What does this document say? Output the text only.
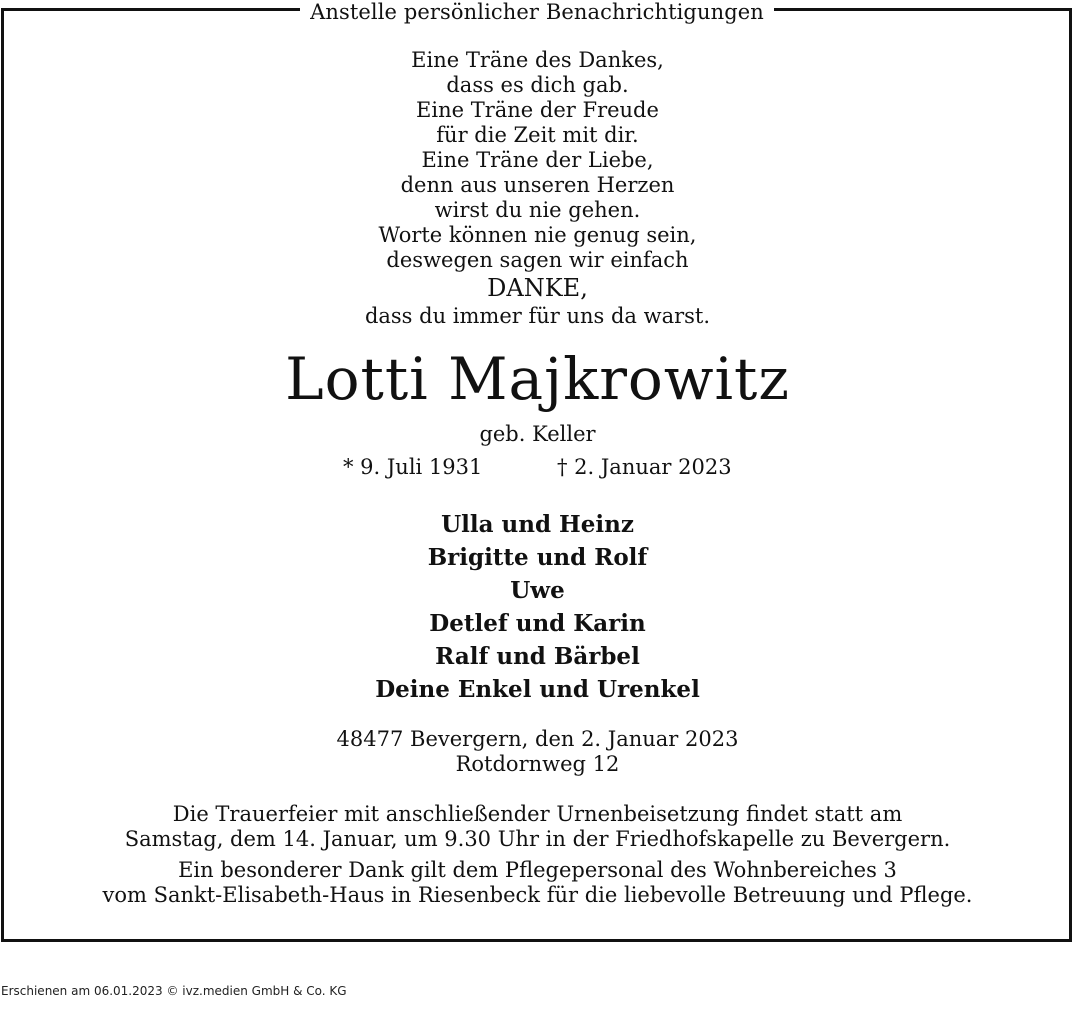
Anstelle persönlicher Benachrichtigungen
Eine Träne des Dankes,
dass es dich gab.
Eine Träne der Freude
für die Zeit mit dir.
Eine Träne der Liebe,
denn aus unseren Herzen
wirst du nie gehen.
Worte können nie genug sein,
deswegen sagen wir einfach
DANKE,
dass du immer für uns da warst.
Lotti Majkrowitz
geb. Keller
* 9. Juli 1931	† 2. Januar 2023
Ulla und Heinz
Brigitte und Rolf
Uwe
Detlef und Karin
Ralf und Bärbel
Deine Enkel und Urenkel
48477 Bevergern, den 2. Januar 2023
Rotdornweg 12
Die Trauerfeier mit anschließender Urnenbeisetzung findet statt am
Samstag, dem 14. Januar, um 9.30 Uhr in der Friedhofskapelle zu Bevergern.
Ein besonderer Dank gilt dem Pflegepersonal des Wohnbereiches 3
vom Sankt-Elisabeth-Haus in Riesenbeck für die liebevolle Betreuung und Pflege.
Erschienen am 06.01.2023 © ivz.medien GmbH & Co. KG
